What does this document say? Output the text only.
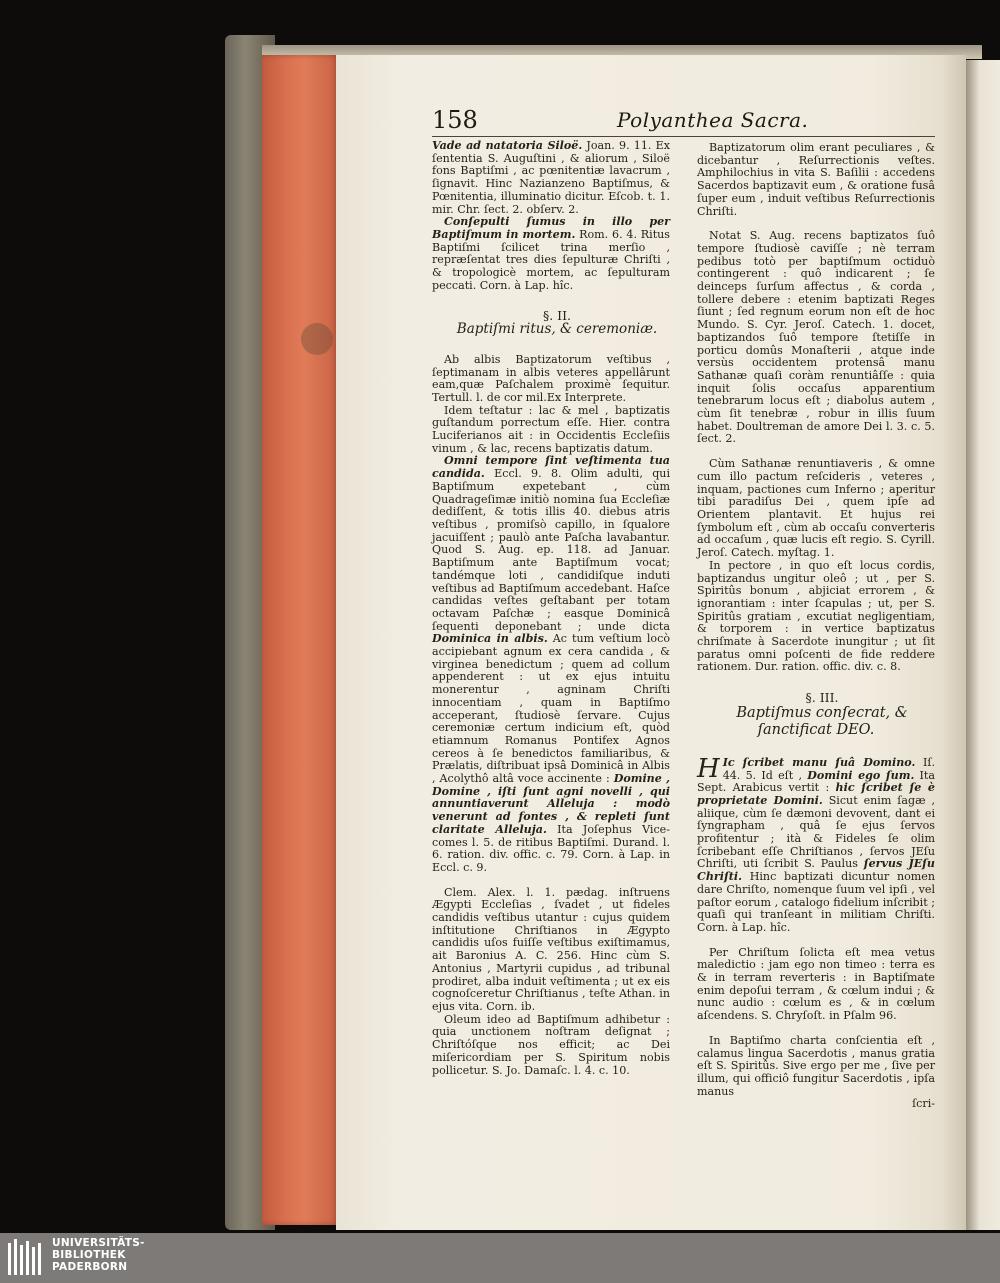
158	Polyanthea Sacra.

Vade ad natatoria Siloë. Joan. 9. 11. Ex ſententia S. Auguſtini , & aliorum , Siloë fons Baptiſmi , ac pœnitentiæ lavacrum , ſignavit. Hinc Nazianzeno Baptiſmus, & Pœnitentia, illuminatio dicitur. Eſcob. t. 1. mir. Chr. ſect. 2. obſerv. 2.

Conſepulti ſumus in illo per Baptiſmum in mortem. Rom. 6. 4. Ritus Baptiſmi ſcilicet trina merſio , repræſentat tres dies ſepulturæ Chriſti , & tropologicè mortem, ac ſepulturam peccati. Corn. à Lap. hîc.

§. II.

Baptiſmi ritus, & ceremoniæ.

Ab albis Baptizatorum veſtibus , ſeptimanam in albis veteres appellârunt eam,quæ Paſchalem proximè ſequitur. Tertull. l. de cor mil.Ex Interprete.

Idem teſtatur : lac & mel , baptizatis guſtandum porrectum eſſe. Hier. contra Luciferianos ait : in Occidentis Eccleſiis vinum , & lac, recens baptizatis datum.

Omni tempore ſint veſtimenta tua candida. Eccl. 9. 8. Olim adulti, qui Baptiſmum expetebant , cùm Quadrageſimæ initiò nomina ſua Eccleſiæ dediſſent, & totis illis 40. diebus atris veſtibus , promiſsò capillo, in ſqualore jacuiſſent ; paulò ante Paſcha lavabantur. Quod S. Aug. ep. 118. ad Januar. Baptiſmum ante Baptiſmum vocat; tandémque loti , candidiſque induti veſtibus ad Baptiſmum accedebant. Haſce candidas veſtes geſtabant per totam octavam Paſchæ ; easque Dominicâ ſequenti deponebant ; unde dicta Dominica in albis. Ac tum veſtium locò accipiebant agnum ex cera candida , & virginea benedictum ; quem ad collum appenderent : ut ex ejus intuitu monerentur , agninam Chriſti innocentiam , quam in Baptiſmo acceperant, ſtudiosè ſervare. Cujus ceremoniæ certum indicium eſt, quòd etiamnum Romanus Pontifex Agnos cereos à ſe benedictos familiaribus, & Prælatis, diſtribuat ipsâ Dominicâ in Albis , Acolythô altâ voce accinente : Domine , Domine , iſti ſunt agni novelli , qui annuntiaverunt Alleluja : modò venerunt ad fontes , & repleti ſunt claritate Alleluja. Ita Joſephus Vice-comes l. 5. de ritibus Baptiſmi. Durand. l. 6. ration. div. offic. c. 79. Corn. à Lap. in Eccl. c. 9.

Clem. Alex. l. 1. pædag. inſtruens Ægypti Eccleſias , ſvadet , ut fideles candidis veſtibus utantur : cujus quidem inſtitutione Chriſtianos in Ægypto candidis uſos fuiſſe veſtibus exiſtimamus, ait Baronius A. C. 256. Hinc cùm S. Antonius , Martyrii cupidus , ad tribunal prodiret, alba induit veſtimenta ; ut ex eis cognoſceretur Chriſtianus , teſte Athan. in ejus vita. Corn. ib.

Oleum ideo ad Baptiſmum adhibetur : quia unctionem noſtram deſignat ; Chriſtóſque nos efficit; ac Dei miſericordiam per S. Spiritum nobis pollicetur. S. Jo. Damaſc. l. 4. c. 10.

Baptizatorum olim erant peculiares , & dicebantur , Reſurrectionis veſtes. Amphilochius in vita S. Baſilii : accedens Sacerdos baptizavit eum , & oratione fusâ ſuper eum , induit veſtibus Reſurrectionis Chriſti.

Notat S. Aug. recens baptizatos ſuô tempore ſtudiosè caviſſe ; nè terram pedibus totò per baptiſmum octiduò contingerent : quô indicarent ; ſe deinceps ſurſum affectus , & corda , tollere debere : etenim baptizati Reges ſiunt ; ſed regnum eorum non eſt de hoc Mundo. S. Cyr. Jeroſ. Catech. 1. docet, baptizandos ſuô tempore ſtetiſſe in porticu domûs Monaſterii , atque inde versùs occidentem protensâ manu Sathanæ quaſi coràm renuntiâſſe : quia inquit ſolis occaſus apparentium tenebrarum locus eſt ; diabolus autem , cùm ſit tenebræ , robur in illis ſuum habet. Doultreman de amore Dei l. 3. c. 5. ſect. 2.

Cùm Sathanæ renuntiaveris , & omne cum illo pactum reſcideris , veteres , inquam, pactiones cum Inferno ; aperitur tibi paradiſus Dei , quem ipſe ad Orientem plantavit. Et hujus rei ſymbolum eſt , cùm ab occaſu converteris ad occaſum , quæ lucis eſt regio. S. Cyrill. Jeroſ. Catech. myſtag. 1.

In pectore , in quo eſt locus cordis, baptizandus ungitur oleô ; ut , per S. Spiritûs bonum , abjiciat errorem , & ignorantiam : inter ſcapulas ; ut, per S. Spiritûs gratiam , excutiat negligentiam, & torporem : in vertice baptizatus chriſmate à Sacerdote inungitur ; ut ſit paratus omni poſcenti de fide reddere rationem. Dur. ration. offic. div. c. 8.

§. III.

Baptiſmus conſecrat, & ſanctificat DEO.

H Ic ſcribet manu ſuâ Domino. Iſ. 44. 5. Id eſt , Domini ego ſum. Ita Sept. Arabicus vertit : hic ſcribet ſe è proprietate Domini. Sicut enim ſagæ , aliique, cùm ſe dæmoni devovent, dant ei ſyngrapham , quâ ſe ejus ſervos profitentur ; ità & Fideles ſe olim ſcribebant eſſe Chriſtianos , ſervos JEſu Chriſti, uti ſcribit S. Paulus ſervus JEſu Chriſti. Hinc baptizati dicuntur nomen dare Chriſto, nomenque ſuum vel ipſi , vel paſtor eorum , catalogo fidelium inſcribit ; quaſi qui tranſeant in militiam Chriſti. Corn. à Lap. hîc.

Per Chriſtum ſolicta eſt mea vetus maledictio : jam ego non timeo : terra es & in terram reverteris : in Baptiſmate enim depoſui terram , & cœlum indui ; & nunc audio : cœlum es , & in cœlum aſcendens. S. Chryſoſt. in Pſalm 96.

In Baptiſmo charta conſcientia eſt , calamus lingua Sacerdotis , manus gratia eſt S. Spiritûs. Sive ergo per me , ſive per illum, qui officiô fungitur Sacerdotis , ipſa manus

ſcri-

UNIVERSITÄTS-
BIBLIOTHEK
PADERBORN
